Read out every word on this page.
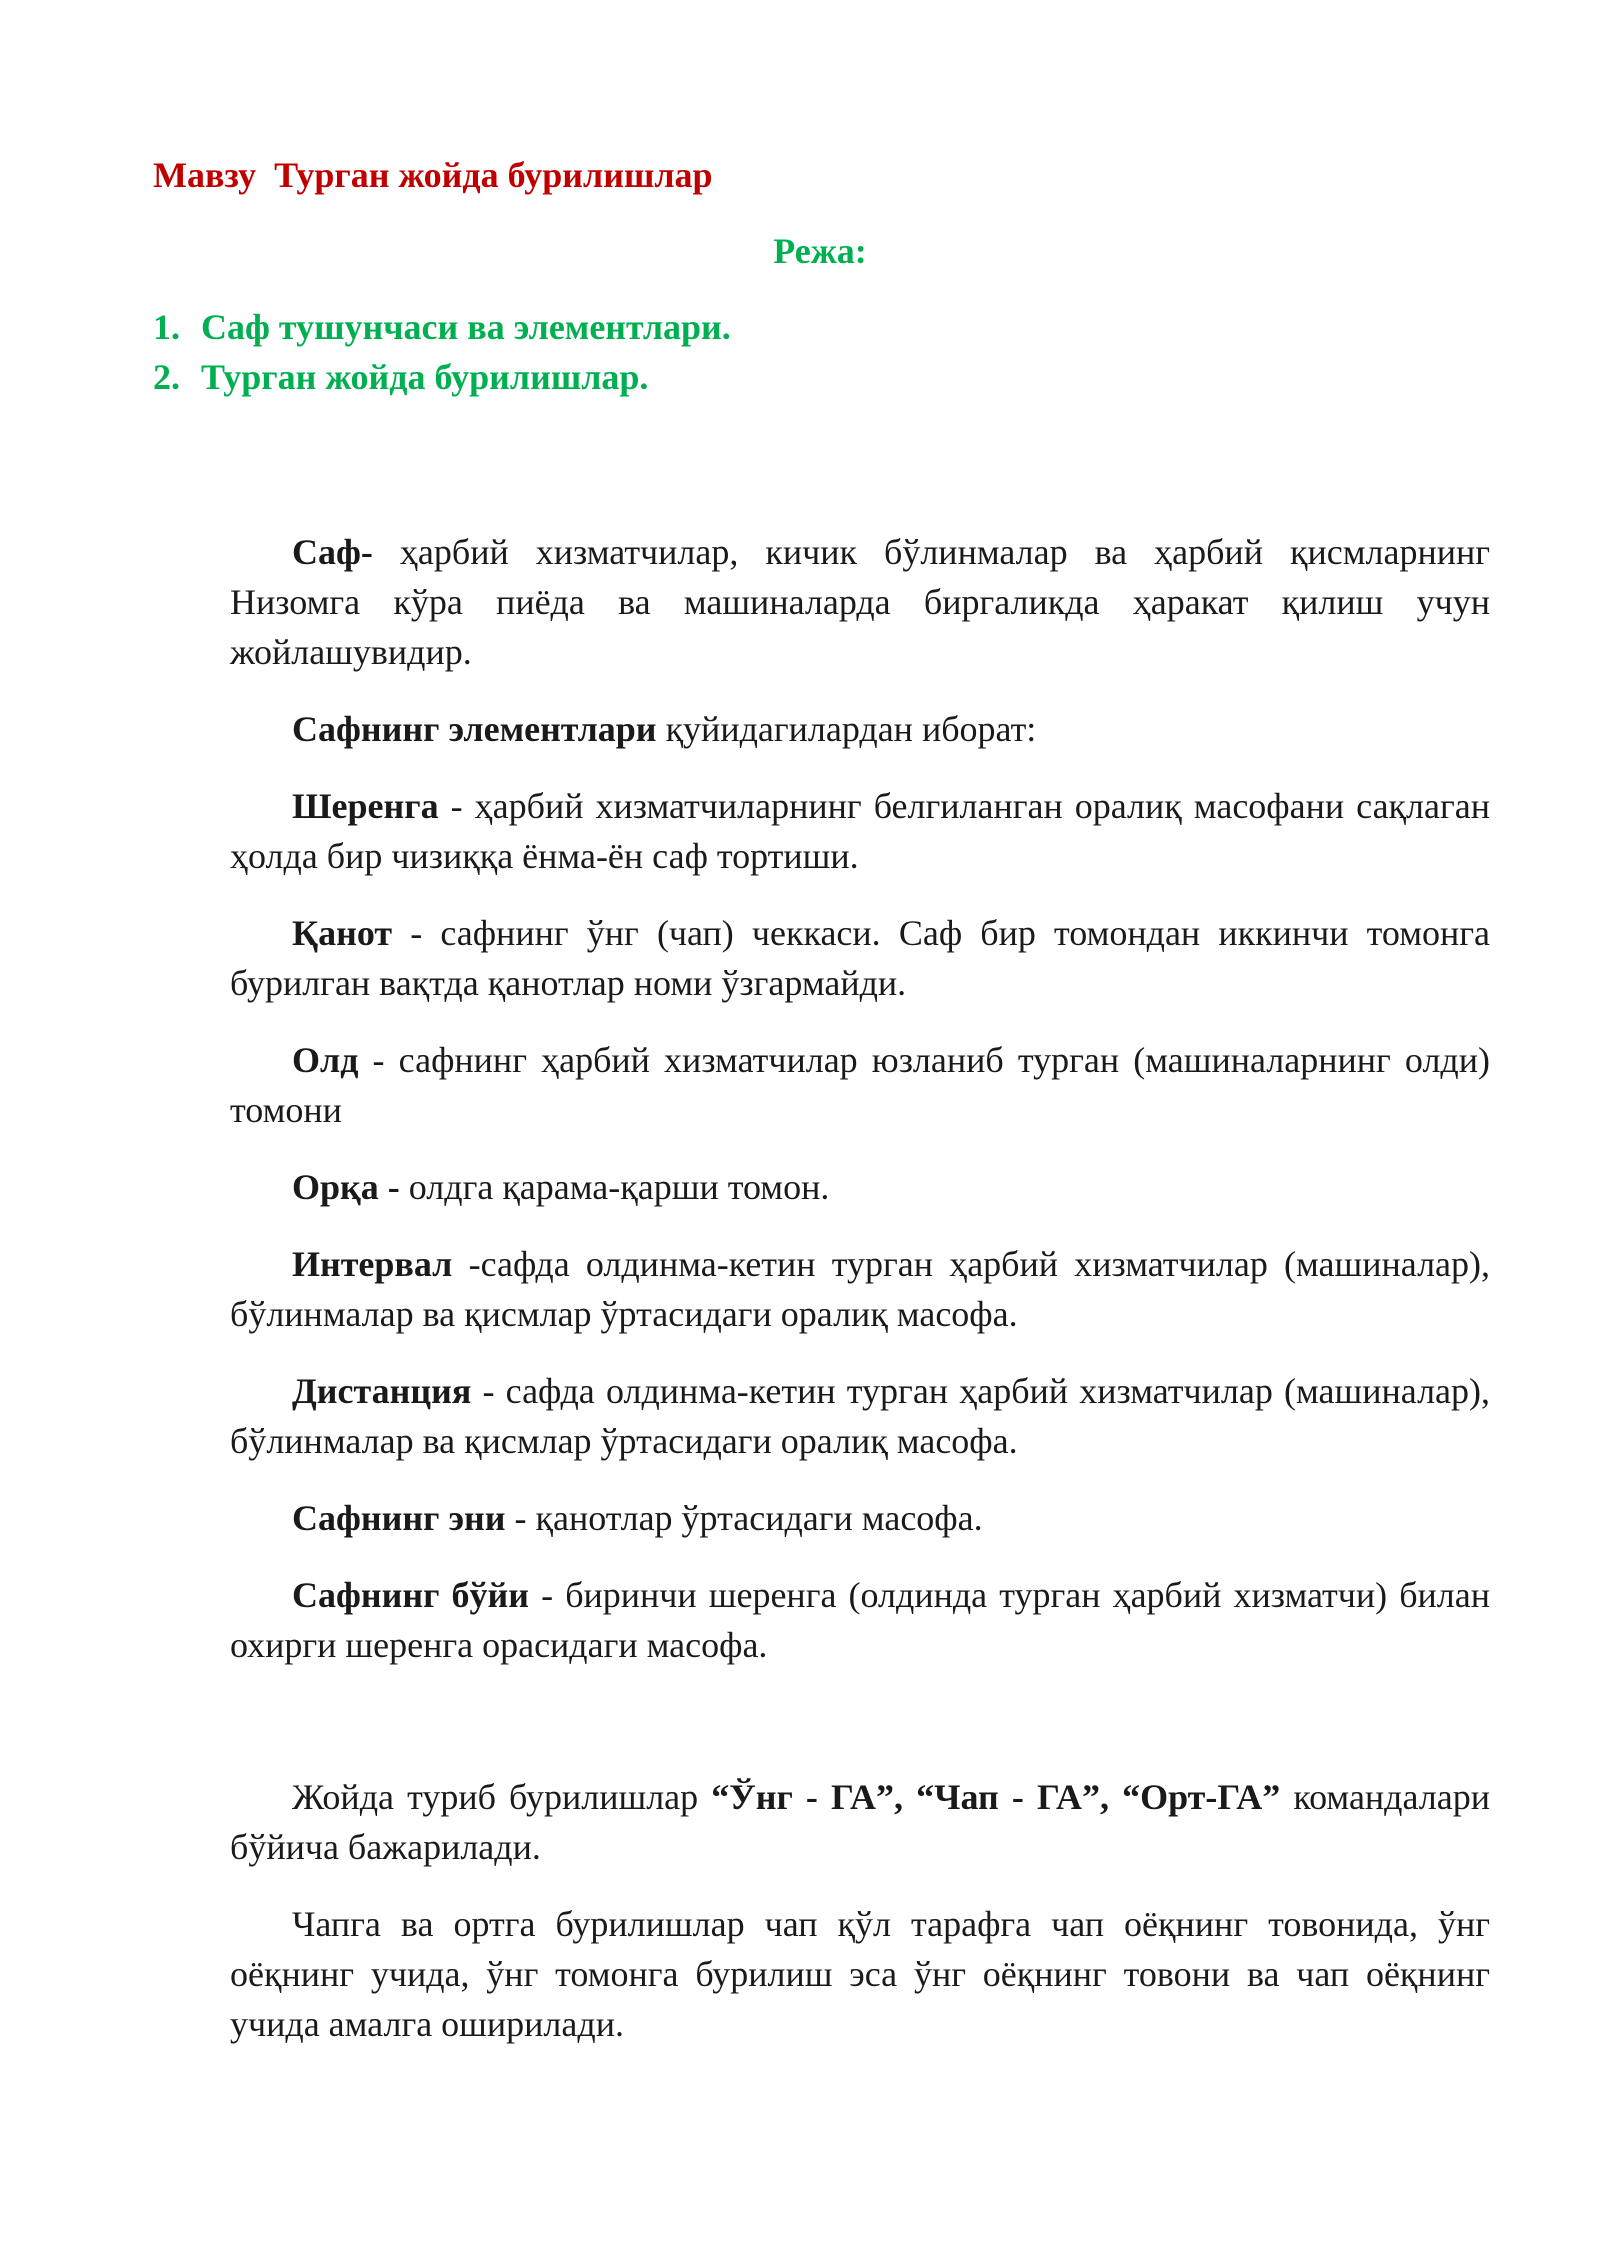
Мавзу  Турган жойда бурилишлар
Режа:
1. Саф тушунчаси ва элементлари.
2. Турган жойда бурилишлар.

Саф- ҳарбий хизматчилар, кичик бўлинмалар ва ҳарбий қисмларнинг Низомга кўра пиёда ва машиналарда биргаликда ҳаракат қилиш учун жойлашувидир.

Сафнинг элементлари қуйидагилардан иборат:

Шеренга - ҳарбий хизматчиларнинг белгиланган оралиқ масофани сақлаган ҳолда бир чизиққа ёнма-ён саф тортиши.

Қанот - сафнинг ўнг (чап) чеккаси. Саф бир томондан иккинчи томонга бурилган вақтда қанотлар номи ўзгармайди.

Олд - сафнинг ҳарбий хизматчилар юзланиб турган (машиналарнинг олди) томони

Орқа - олдга қарама-қарши томон.

Интервал -сафда олдинма-кетин турган ҳарбий хизматчилар (машиналар), бўлинмалар ва қисмлар ўртасидаги оралиқ масофа.

Дистанция - сафда олдинма-кетин турган ҳарбий хизматчилар (машиналар), бўлинмалар ва қисмлар ўртасидаги оралиқ масофа.

Сафнинг эни - қанотлар ўртасидаги масофа.

Сафнинг бўйи - биринчи шеренга (олдинда турган ҳарбий хизматчи) билан охирги шеренга орасидаги масофа.

Жойда туриб бурилишлар “Ўнг - ГА”, “Чап - ГА”, “Орт-ГА” командалари бўйича бажарилади.

Чапга ва ортга бурилишлар чап қўл тарафга чап оёқнинг товонида, ўнг оёқнинг учида, ўнг томонга бурилиш эса ўнг оёқнинг товони ва чап оёқнинг учида амалга оширилади.
